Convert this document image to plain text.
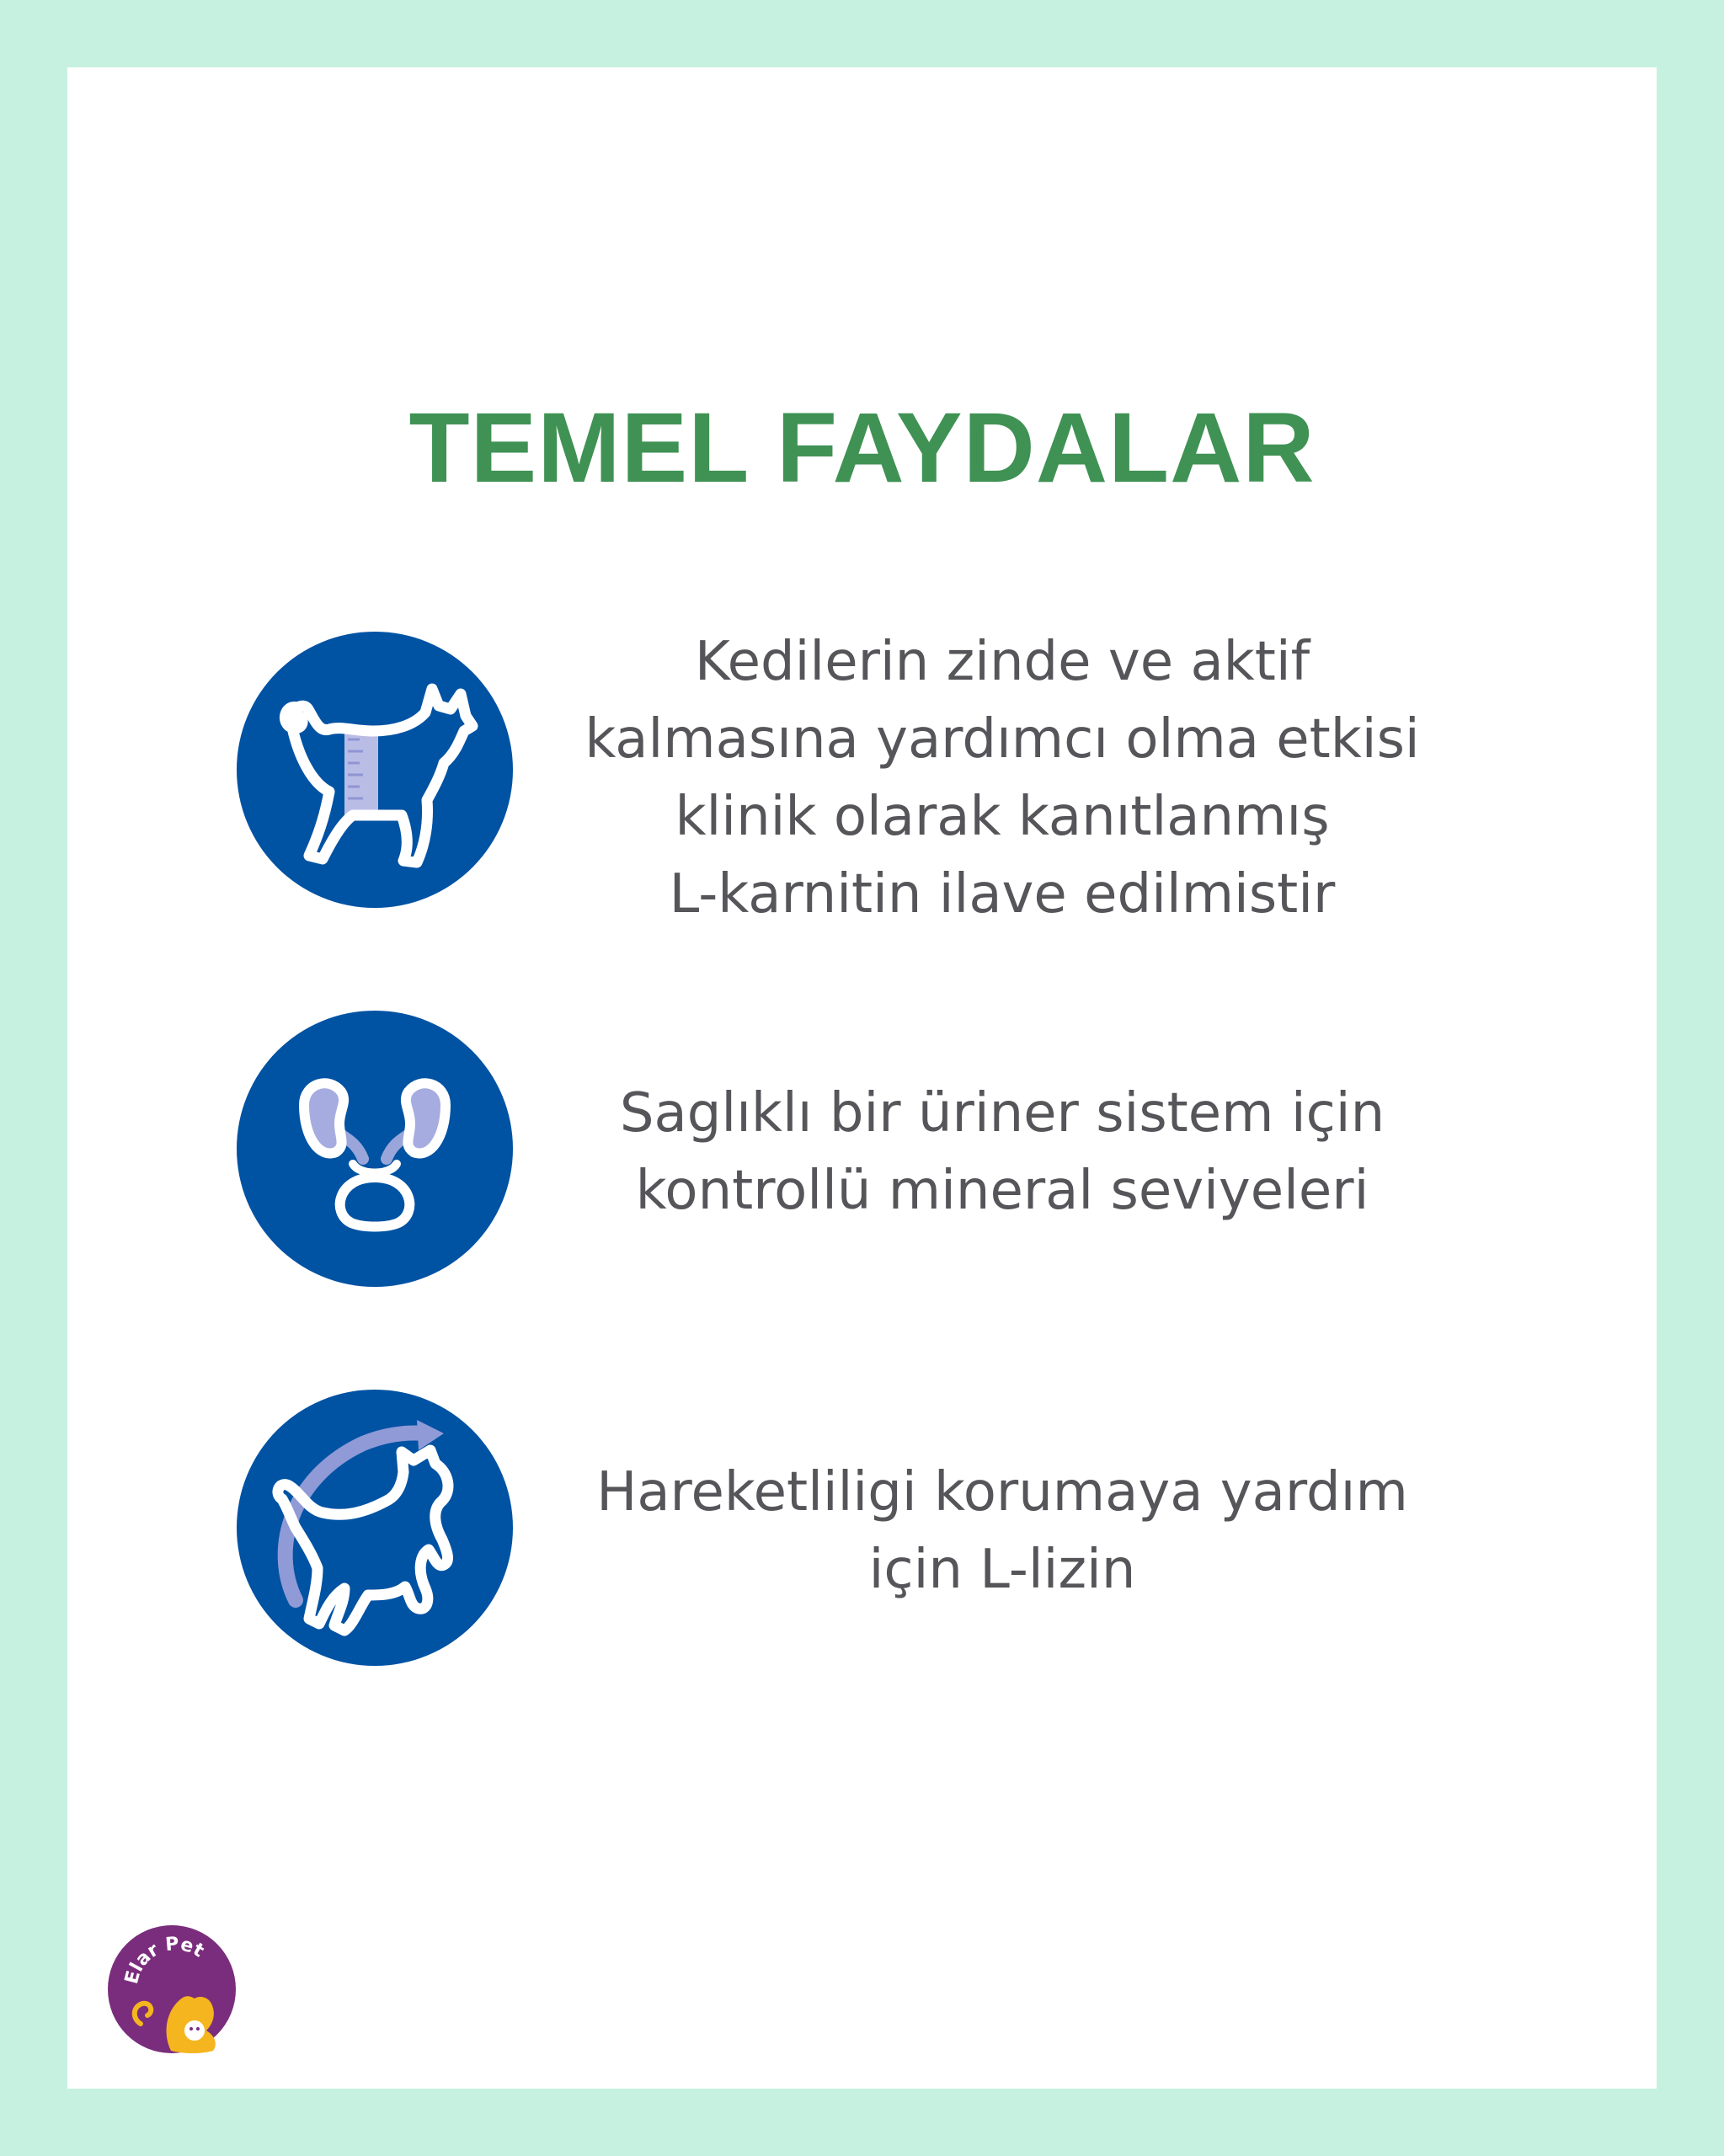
TEMEL FAYDALAR
Kedilerin zinde ve aktif
kalmasına yardımcı olma etkisi
klinik olarak kanıtlanmış
L-karnitin ilave edilmistir
Saglıklı bir üriner sistem için
kontrollü mineral seviyeleri
Hareketliligi korumaya yardım
için L-lizin
Elar Pet
